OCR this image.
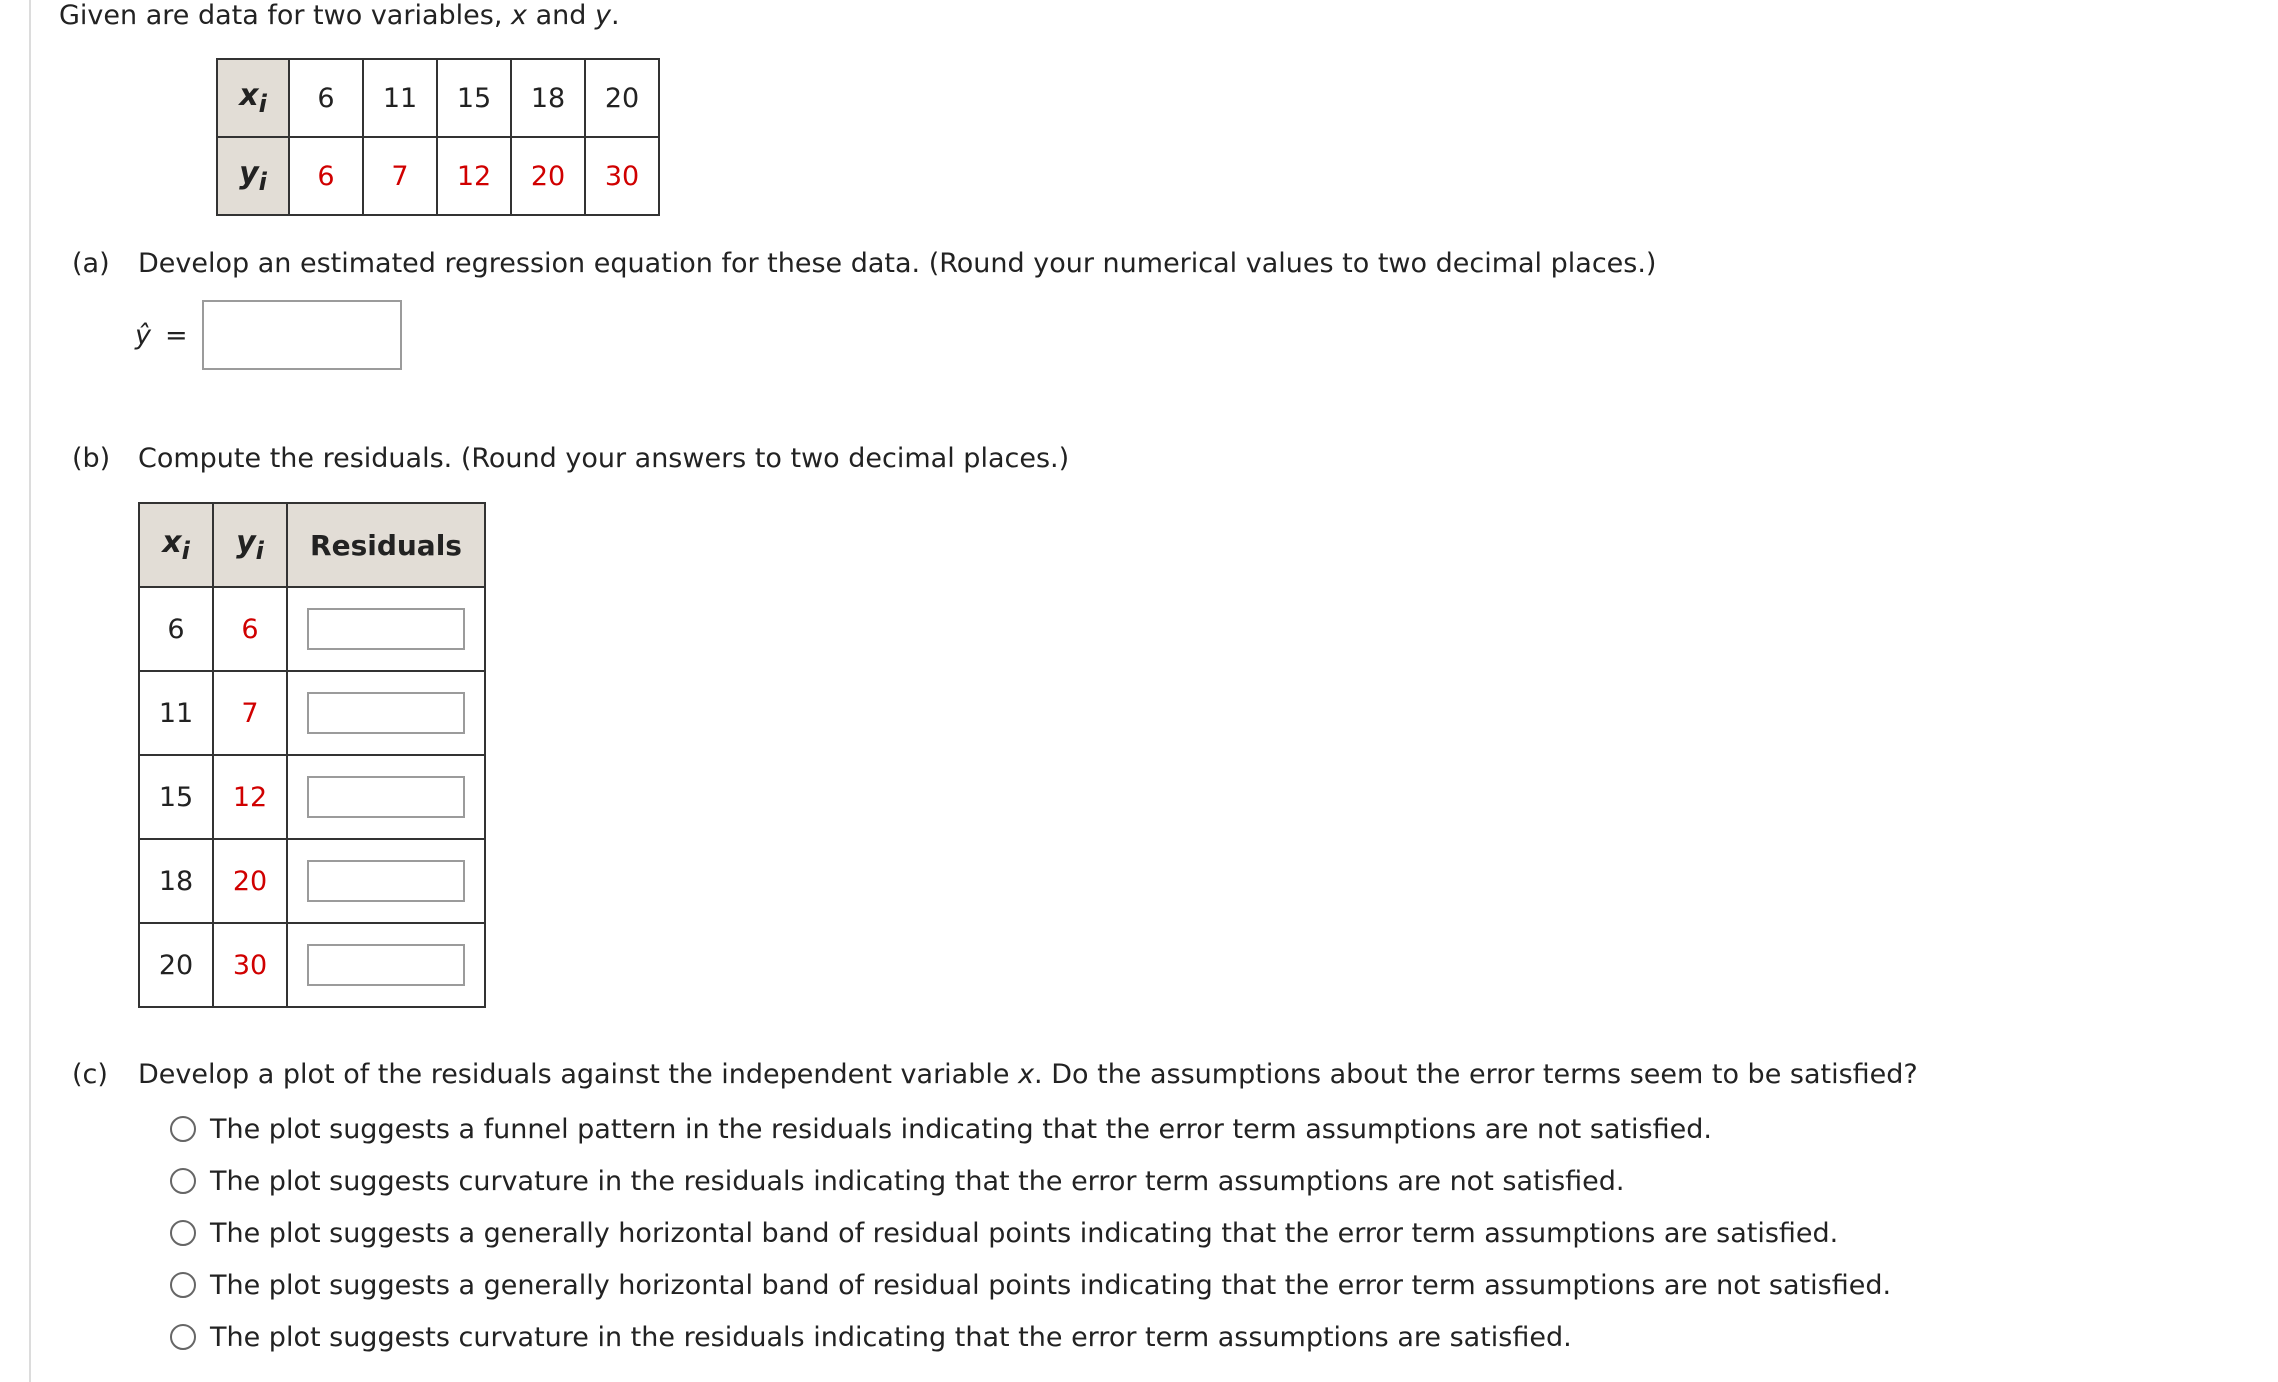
Given are data for two variables, x and y.
$x_i$	6	11	15	18	20
$y_i$	6	7	12	20	30
(a) Develop an estimated regression equation for these data. (Round your numerical values to two decimal places.)
ŷ =
(b) Compute the residuals. (Round your answers to two decimal places.)
$x_i$	$y_i$	Residuals
6	6	

11	7	

15	12	

18	20	

20	30	
(c) Develop a plot of the residuals against the independent variable x. Do the assumptions about the error terms seem to be satisfied?
The plot suggests a funnel pattern in the residuals indicating that the error term assumptions are not satisfied.
The plot suggests curvature in the residuals indicating that the error term assumptions are not satisfied.
The plot suggests a generally horizontal band of residual points indicating that the error term assumptions are satisfied.
The plot suggests a generally horizontal band of residual points indicating that the error term assumptions are not satisfied.
The plot suggests curvature in the residuals indicating that the error term assumptions are satisfied.
